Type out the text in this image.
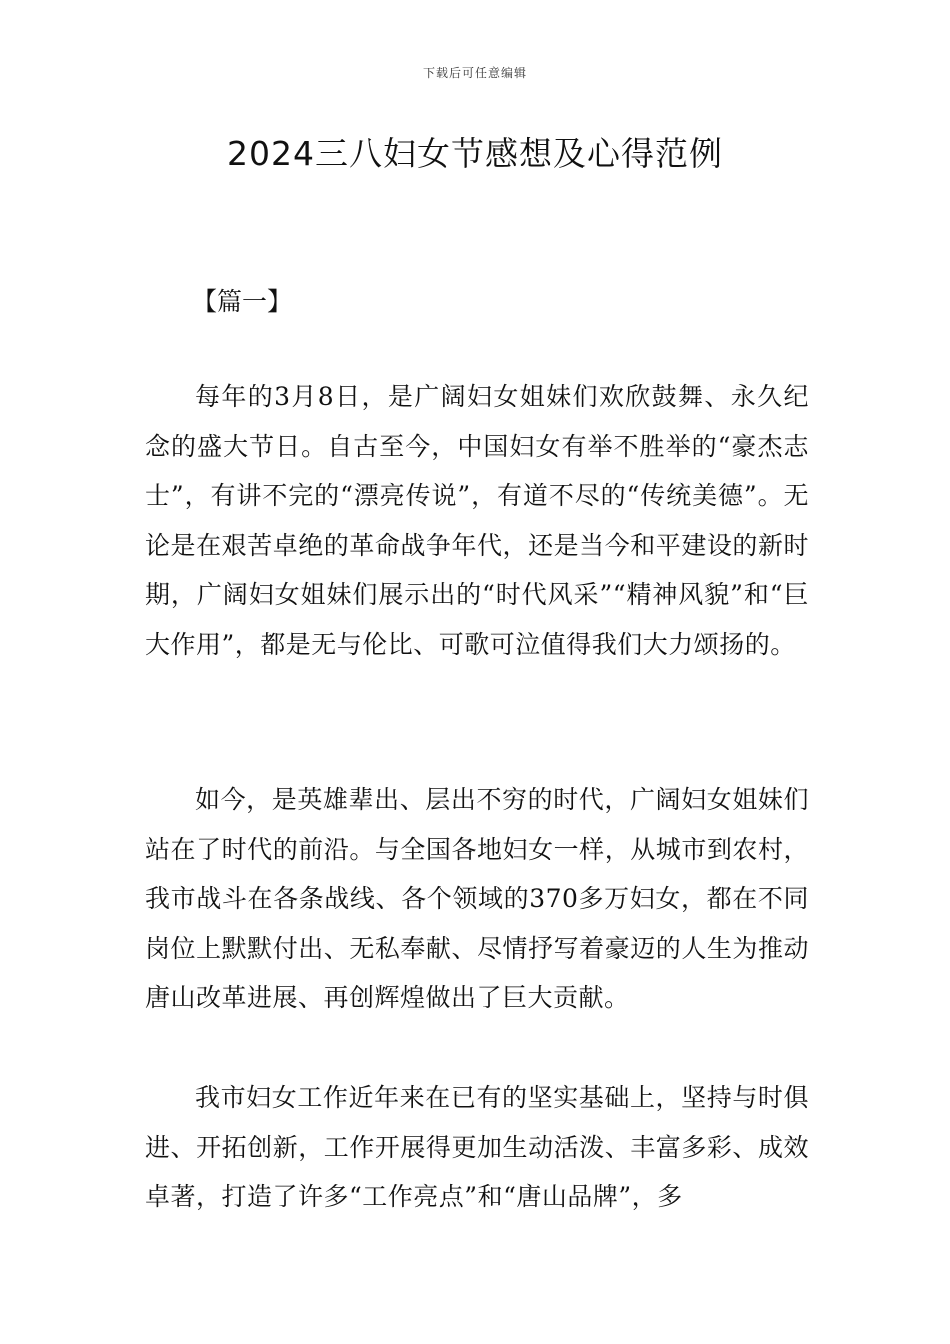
下载后可任意编辑
2024三八妇女节感想及心得范例
【篇一】

每年的3月8日，是广阔妇女姐妹们欢欣鼓舞、永久纪念的盛大节日。自古至今，中国妇女有举不胜举的“豪杰志士”，有讲不完的“漂亮传说”，有道不尽的“传统美德”。无论是在艰苦卓绝的革命战争年代，还是当今和平建设的新时期，广阔妇女姐妹们展示出的“时代风采”“精神风貌”和“巨大作用”，都是无与伦比、可歌可泣值得我们大力颂扬的。

如今，是英雄辈出、层出不穷的时代，广阔妇女姐妹们站在了时代的前沿。与全国各地妇女一样，从城市到农村，我市战斗在各条战线、各个领域的370多万妇女，都在不同岗位上默默付出、无私奉献、尽情抒写着豪迈的人生为推动唐山改革进展、再创辉煌做出了巨大贡献。

我市妇女工作近年来在已有的坚实基础上，坚持与时俱进、开拓创新，工作开展得更加生动活泼、丰富多彩、成效卓著，打造了许多“工作亮点”和“唐山品牌”，多
